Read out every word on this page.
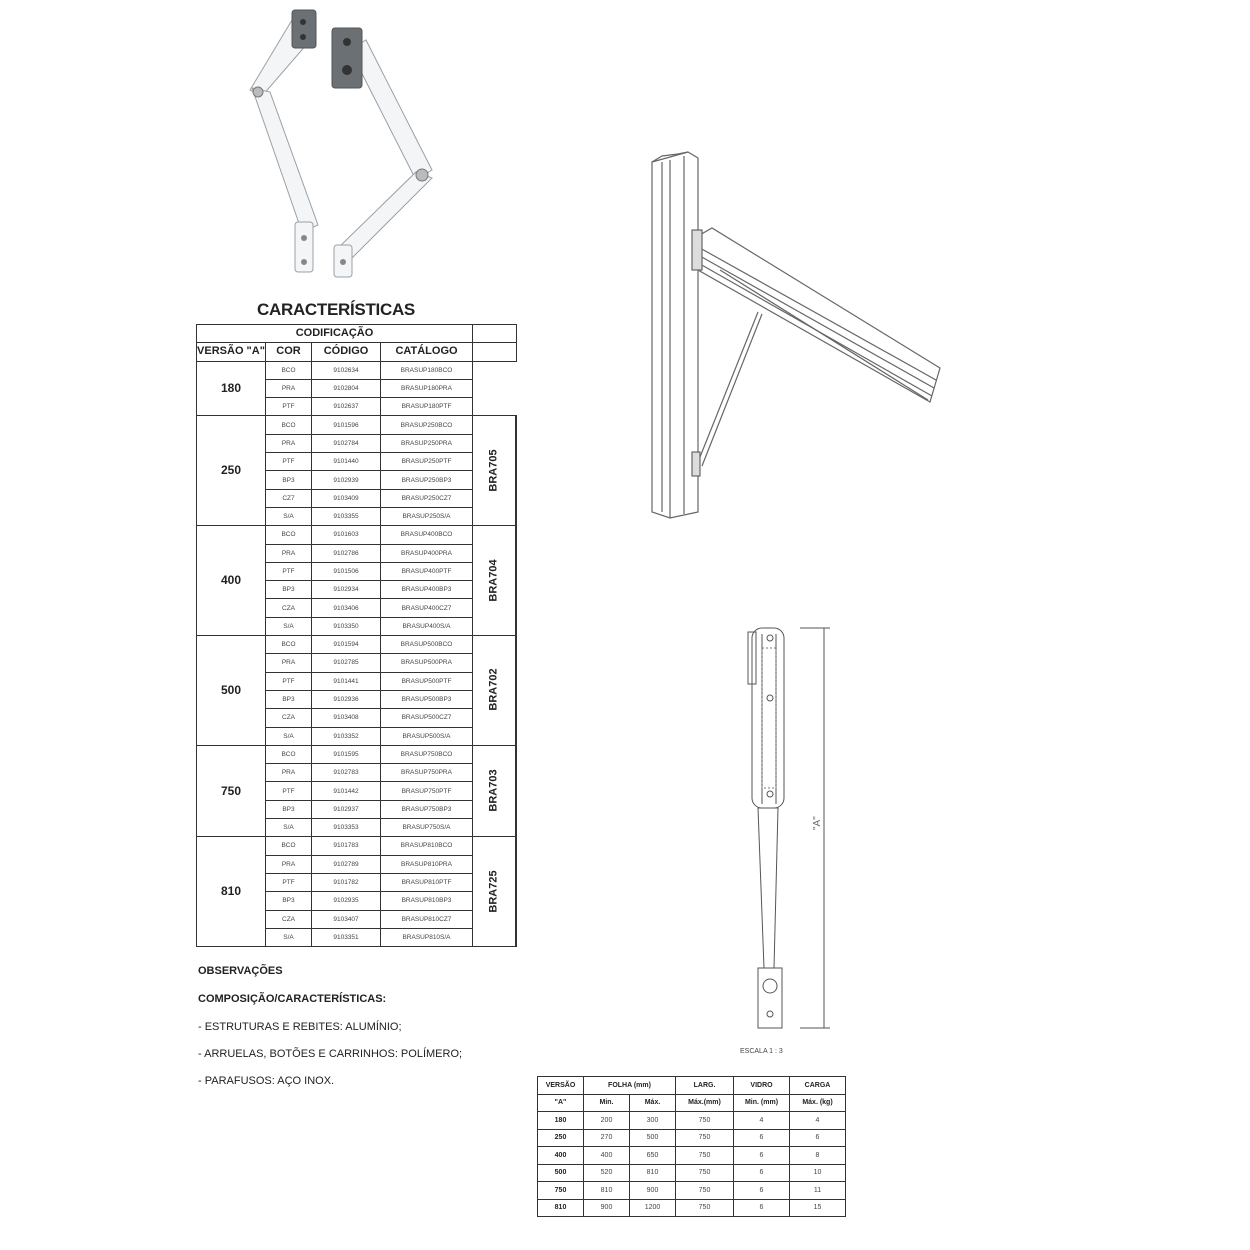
"A"
ESCALA 1 : 3
CARACTERÍSTICAS
CODIFICAÇÃO				
VERSÃO "A"	COR	CÓDIGO	CATÁLOGO	
180	BCO	9102634	BRASUP180BCO	
	PRA	9102804	BRASUP180PRA	
	PTF	9102637	BRASUP180PTF	
250	BCO	9101596	BRASUP250BCO	BRA705
	PRA	9102784	BRASUP250PRA	
	PTF	9101440	BRASUP250PTF	
	BP3	9102939	BRASUP250BP3	
	CZ7	9103409	BRASUP250CZ7	
	S/A	9103355	BRASUP250S/A	
400	BCO	9101603	BRASUP400BCO	BRA704
	PRA	9102786	BRASUP400PRA	
	PTF	9101506	BRASUP400PTF	
	BP3	9102934	BRASUP400BP3	
	CZA	9103406	BRASUP400CZ7	
	S/A	9103350	BRASUP400S/A	
500	BCO	9101594	BRASUP500BCO	BRA702
	PRA	9102785	BRASUP500PRA	
	PTF	9101441	BRASUP500PTF	
	BP3	9102936	BRASUP500BP3	
	CZA	9103408	BRASUP500CZ7	
	S/A	9103352	BRASUP500S/A	
750	BCO	9101595	BRASUP750BCO	BRA703
	PRA	9102783	BRASUP750PRA	
	PTF	9101442	BRASUP750PTF	
	BP3	9102937	BRASUP750BP3	
	S/A	9103353	BRASUP750S/A	
810	BCO	9101783	BRASUP810BCO	BRA725
	PRA	9102789	BRASUP810PRA	
	PTF	9101782	BRASUP810PTF	
	BP3	9102935	BRASUP810BP3	
	CZA	9103407	BRASUP810CZ7	
	S/A	9103351	BRASUP810S/A	
OBSERVAÇÕES
COMPOSIÇÃO/CARACTERÍSTICAS:
- ESTRUTURAS E REBITES: ALUMÍNIO;
- ARRUELAS, BOTÕES E CARRINHOS: POLÍMERO;
- PARAFUSOS: AÇO INOX.	VERSÃO	FOLHA (mm)		LARG.	VIDRO	CARGA
"A"	Min.	Máx.	Máx.(mm)	Min. (mm)	Máx. (kg)
180	200	300	750	4	4
250	270	500	750	6	6
400	400	650	750	6	8
500	520	810	750	6	10
750	810	900	750	6	11
810	900	1200	750	6	15
